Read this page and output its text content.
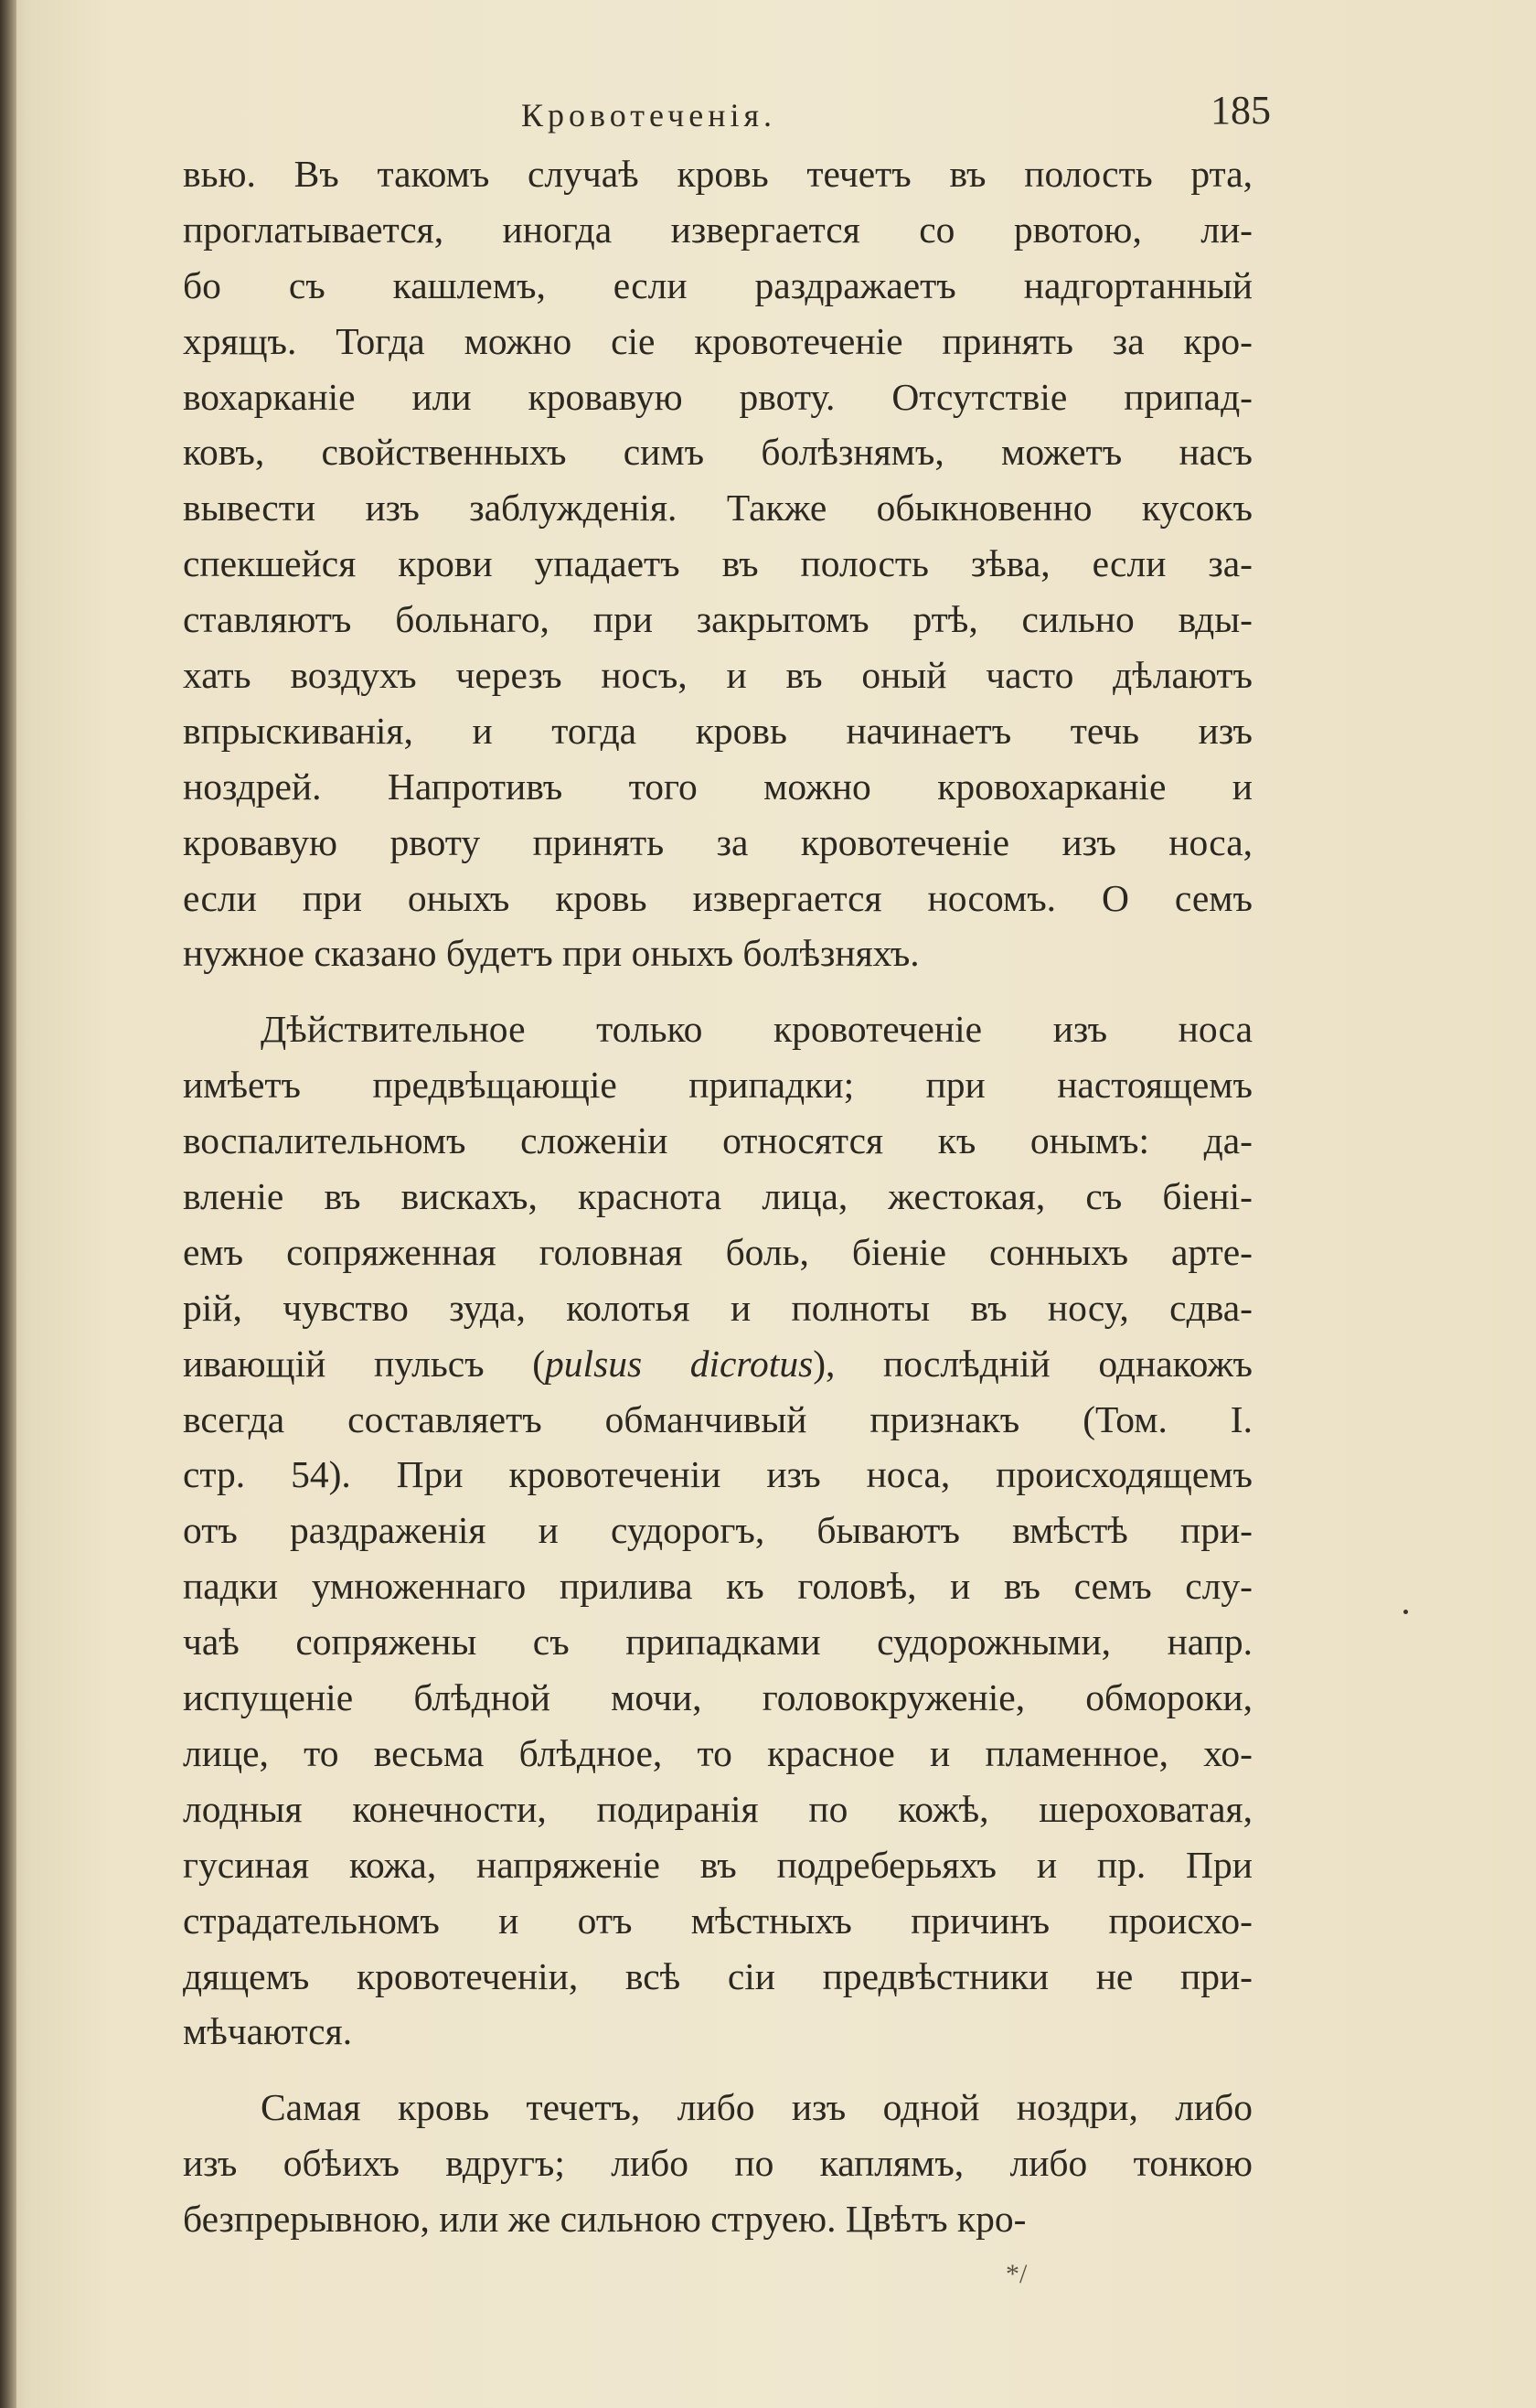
Кровотеченія.	185
вью. Въ такомъ случаѣ кровь течетъ въ полость рта,
проглатывается, иногда извергается со рвотою, ли-
бо съ кашлемъ, если раздражаетъ надгортанный
хрящъ. Тогда можно сіе кровотеченіе принять за кро-
вохарканіе или кровавую рвоту. Отсутствіе припад-
ковъ, свойственныхъ симъ болѣзнямъ, можетъ насъ
вывести изъ заблужденія. Также обыкновенно кусокъ
спекшейся крови упадаетъ въ полость зѣва, если за-
ставляютъ больнаго, при закрытомъ ртѣ, сильно вды-
хать воздухъ черезъ носъ, и въ оный часто дѣлаютъ
впрыскиванія, и тогда кровь начинаетъ течь изъ
ноздрей. Напротивъ того можно кровохарканіе и
кровавую рвоту принять за кровотеченіе изъ носа,
если при оныхъ кровь извергается носомъ. О семъ
нужное сказано будетъ при оныхъ болѣзняхъ.
Дѣйствительное только кровотеченіе изъ носа
имѣетъ предвѣщающіе припадки; при настоящемъ
воспалительномъ сложеніи относятся къ онымъ: да-
вленіе въ вискахъ, краснота лица, жестокая, съ біені-
емъ сопряженная головная боль, біеніе сонныхъ арте-
рій, чувство зуда, колотья и полноты въ носу, сдва-
ивающій пульсъ (pulsus dicrotus), послѣдній однакожъ
всегда составляетъ обманчивый признакъ (Том. I.
стр. 54). При кровотеченіи изъ носа, происходящемъ
отъ раздраженія и судорогъ, бываютъ вмѣстѣ при-
падки умноженнаго прилива къ головѣ, и въ семъ слу-
чаѣ сопряжены съ припадками судорожными, напр.
испущеніе блѣдной мочи, головокруженіе, обмороки,
лице, то весьма блѣдное, то красное и пламенное, хо-
лодныя конечности, подиранія по кожѣ, шероховатая,
гусиная кожа, напряженіе въ подреберьяхъ и пр. При
страдательномъ и отъ мѣстныхъ причинъ происхо-
дящемъ кровотеченіи, всѣ сіи предвѣстники не при-
мѣчаются.
Самая кровь течетъ, либо изъ одной ноздри, либо
изъ обѣихъ вдругъ; либо по каплямъ, либо тонкою
безпрерывною, или же сильною струею. Цвѣтъ кро-
*/
